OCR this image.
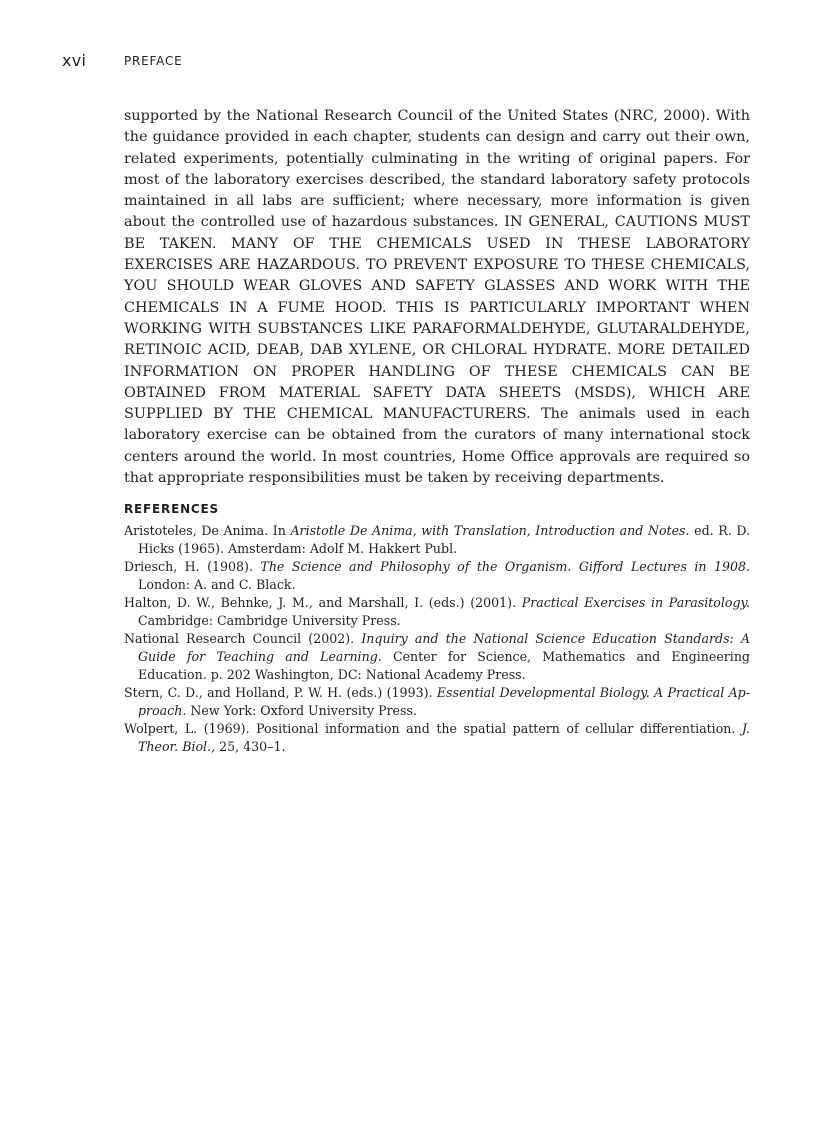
xvi	PREFACE

supported by the National Research Council of the United States (NRC, 2000). With the guidance provided in each chapter, students can design and carry out their own, related experiments, potentially culminating in the writing of original papers. For most of the laboratory exercises described, the standard laboratory safety protocols maintained in all labs are sufficient; where necessary, more information is given about the controlled use of hazardous substances. IN GENERAL, CAUTIONS MUST BE TAKEN. MANY OF THE CHEMICALS USED IN THESE LABORATORY EXERCISES ARE HAZARDOUS. TO PREVENT EXPOSURE TO THESE CHEMICALS, YOU SHOULD WEAR GLOVES AND SAFETY GLASSES AND WORK WITH THE CHEMICALS IN A FUME HOOD. THIS IS PARTICULARLY IMPORTANT WHEN WORKING WITH SUBSTANCES LIKE PARAFORMALDEHYDE, GLUTARALDEHYDE, RETINOIC ACID, DEAB, DAB XYLENE, OR CHLORAL HYDRATE. MORE DETAILED INFORMATION ON PROPER HANDLING OF THESE CHEMICALS CAN BE OBTAINED FROM MATERIAL SAFETY DATA SHEETS (MSDS), WHICH ARE SUPPLIED BY THE CHEMICAL MANUFACTURERS. The animals used in each laboratory exercise can be obtained from the curators of many international stock centers around the world. In most countries, Home Office approvals are required so that appropriate responsibilities must be taken by receiving departments.

REFERENCES
Aristoteles, De Anima. In Aristotle De Anima, with Translation, Introduction and Notes. ed. R. D. Hicks (1965). Amsterdam: Adolf M. Hakkert Publ.
Driesch, H. (1908). The Science and Philosophy of the Organism. Gifford Lectures in 1908. London: A. and C. Black.
Halton, D. W., Behnke, J. M., and Marshall, I. (eds.) (2001). Practical Exercises in Parasitology. Cambridge: Cambridge University Press.
National Research Council (2002). Inquiry and the National Science Education Standards: A Guide for Teaching and Learning. Center for Science, Mathematics and Engineering Education. p. 202 Washington, DC: National Academy Press.
Stern, C. D., and Holland, P. W. H. (eds.) (1993). Essential Developmental Biology. A Practical Approach. New York: Oxford University Press.
Wolpert, L. (1969). Positional information and the spatial pattern of cellular differentiation. J. Theor. Biol., 25, 430–1.
